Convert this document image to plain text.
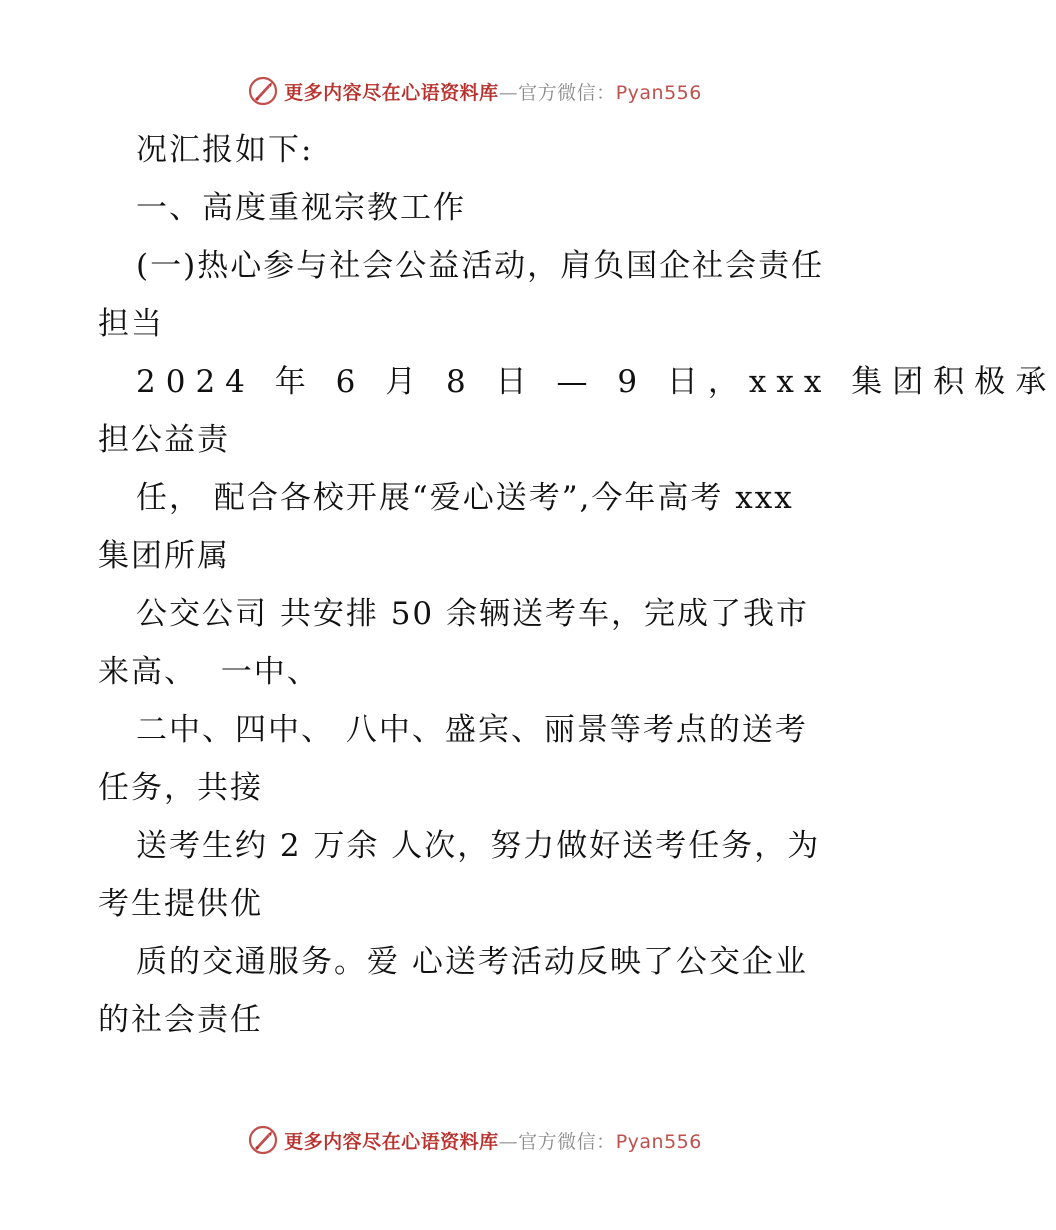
更多内容尽在心语资料库—官方微信：Pyan556
况汇报如下:
一、高度重视宗教工作
(一)热心参与社会公益活动，肩负国企社会责任
担当
2024 年 6 月 8 日 — 9 日，xxx 集团积极承
担公益责
任， 配合各校开展“爱心送考”,今年高考 xxx
集团所属
公交公司 共安排 50 余辆送考车，完成了我市
来高、  一中、
二中、四中、 八中、盛宾、丽景等考点的送考
任务，共接
送考生约 2 万余 人次，努力做好送考任务，为
考生提供优
质的交通服务。爱 心送考活动反映了公交企业
的社会责任
更多内容尽在心语资料库—官方微信：Pyan556
